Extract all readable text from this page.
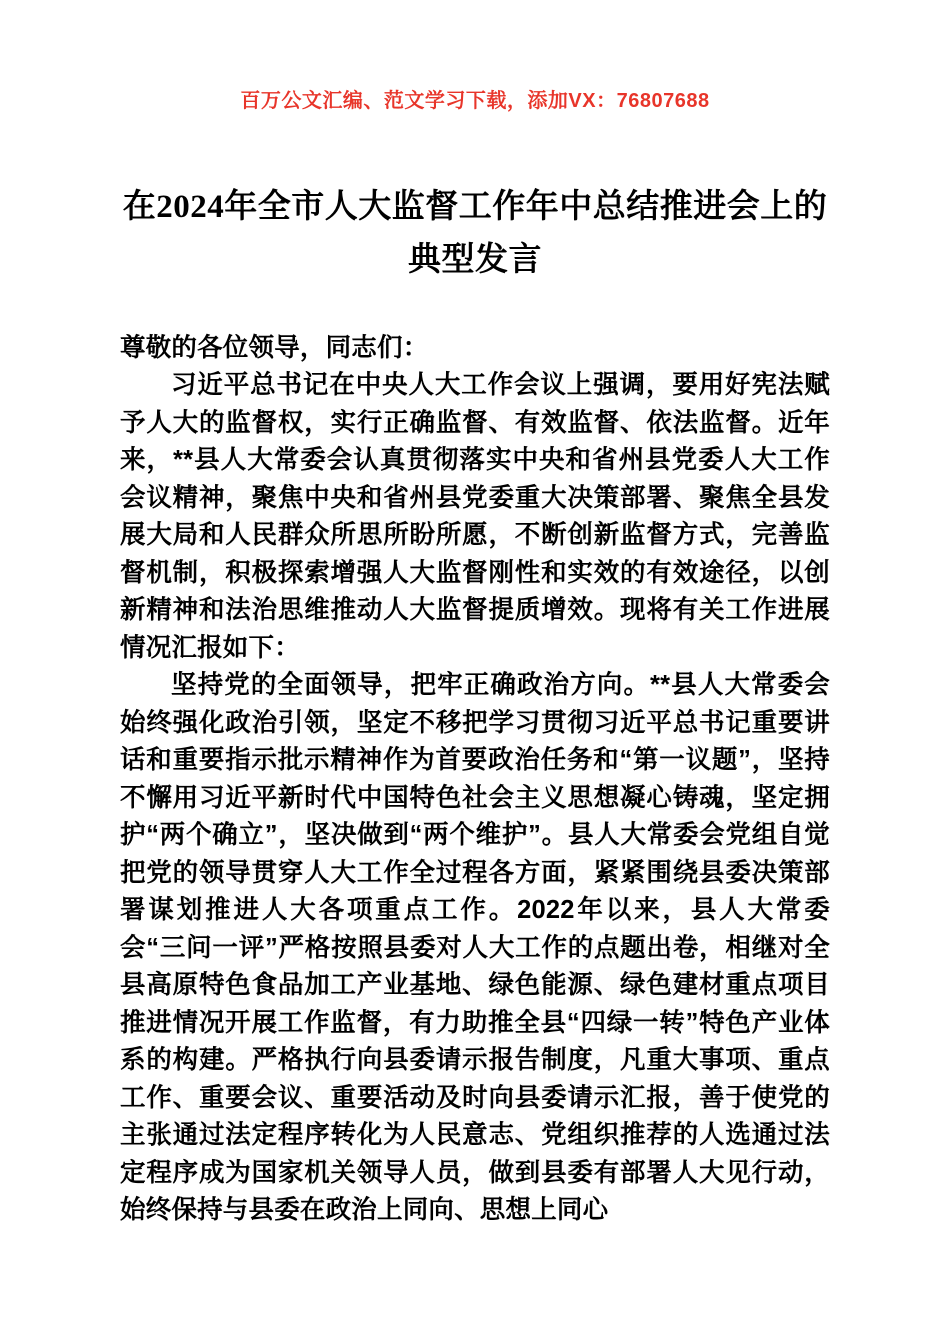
百万公文汇编、范文学习下载，添加VX：76807688
在2024年全市人大监督工作年中总结推进会上的典型发言

尊敬的各位领导，同志们：

习近平总书记在中央人大工作会议上强调，要用好宪法赋予人大的监督权，实行正确监督、有效监督、依法监督。近年来，**县人大常委会认真贯彻落实中央和省州县党委人大工作会议精神，聚焦中央和省州县党委重大决策部署、聚焦全县发展大局和人民群众所思所盼所愿，不断创新监督方式，完善监督机制，积极探索增强人大监督刚性和实效的有效途径，以创新精神和法治思维推动人大监督提质增效。现将有关工作进展情况汇报如下：

坚持党的全面领导，把牢正确政治方向。**县人大常委会始终强化政治引领，坚定不移把学习贯彻习近平总书记重要讲话和重要指示批示精神作为首要政治任务和“第一议题”，坚持不懈用习近平新时代中国特色社会主义思想凝心铸魂，坚定拥护“两个确立”，坚决做到“两个维护”。县人大常委会党组自觉把党的领导贯穿人大工作全过程各方面，紧紧围绕县委决策部署谋划推进人大各项重点工作。2022年以来，县人大常委会“三问一评”严格按照县委对人大工作的点题出卷，相继对全县高原特色食品加工产业基地、绿色能源、绿色建材重点项目推进情况开展工作监督，有力助推全县“四绿一转”特色产业体系的构建。严格执行向县委请示报告制度，凡重大事项、重点工作、重要会议、重要活动及时向县委请示汇报，善于使党的主张通过法定程序转化为人民意志、党组织推荐的人选通过法定程序成为国家机关领导人员，做到县委有部署人大见行动，始终保持与县委在政治上同向、思想上同心
